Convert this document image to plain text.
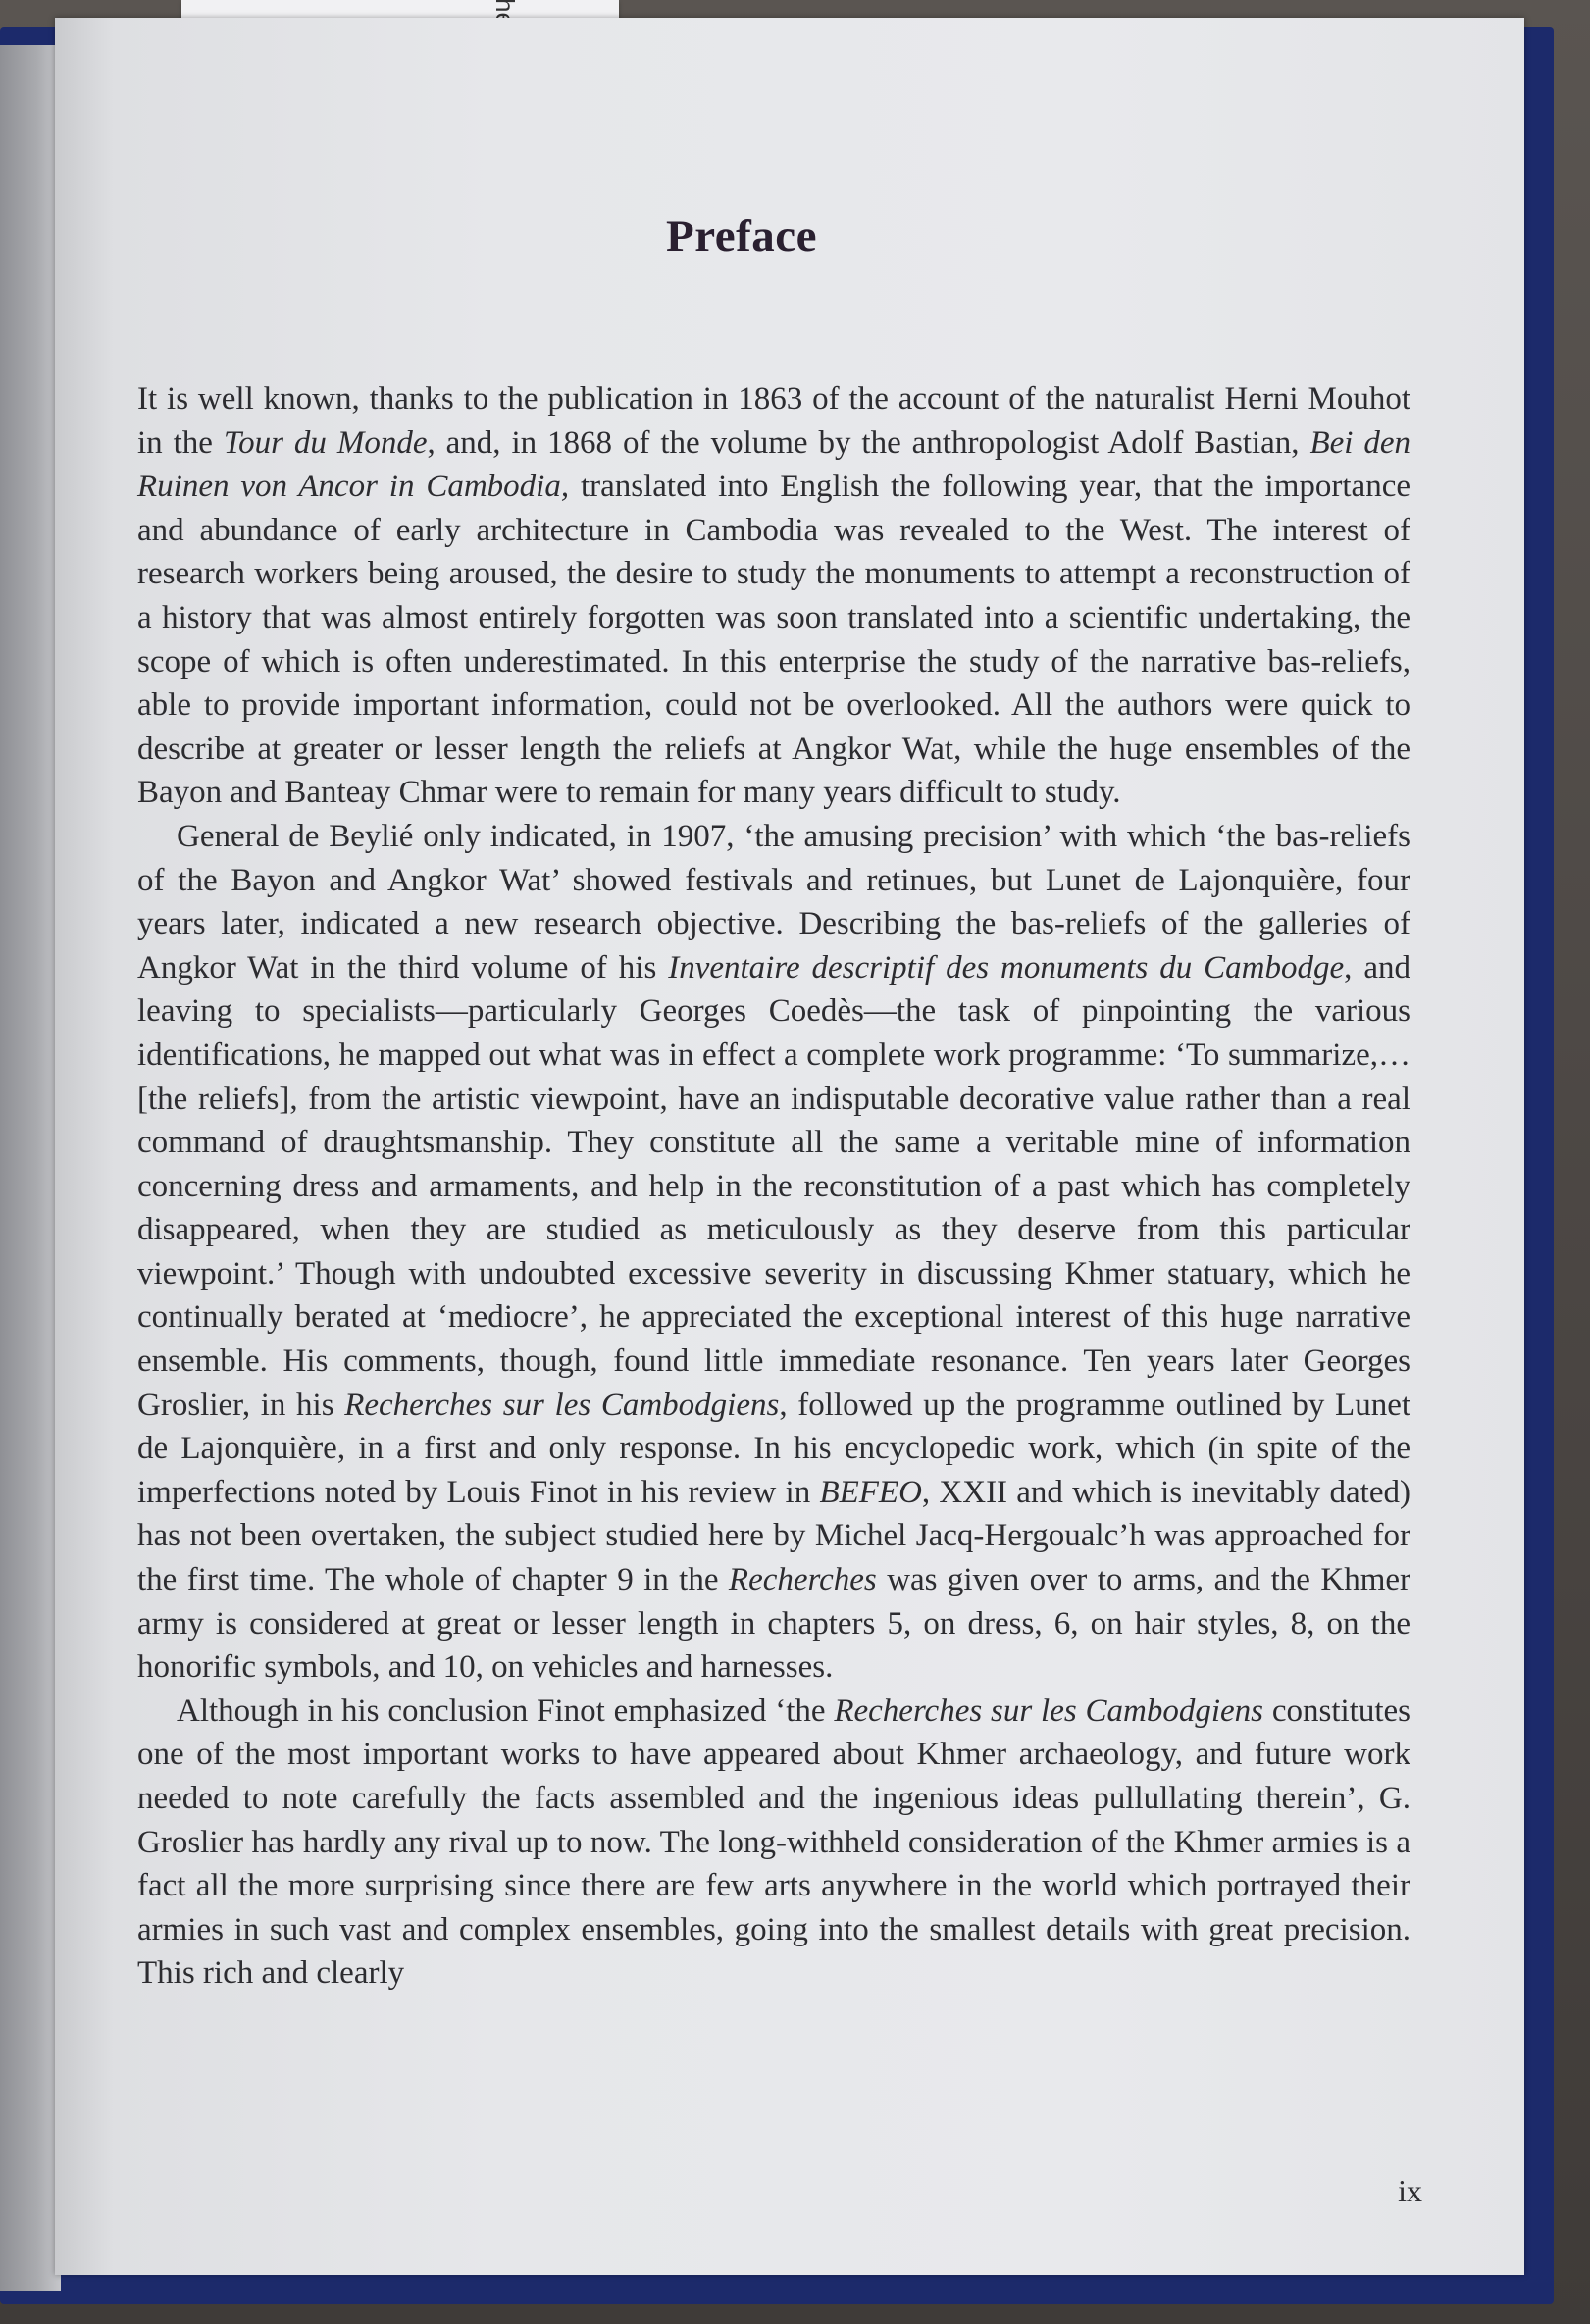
Preface

It is well known, thanks to the publication in 1863 of the account of the naturalist Herni Mouhot in the Tour du Monde, and, in 1868 of the volume by the anthropologist Adolf Bastian, Bei den Ruinen von Ancor in Cambodia, translated into English the following year, that the importance and abundance of early architecture in Cambodia was revealed to the West. The interest of research workers being aroused, the desire to study the monuments to attempt a reconstruction of a history that was almost entirely forgotten was soon translated into a scientific undertaking, the scope of which is often underestimated. In this enterprise the study of the narrative bas-reliefs, able to provide important information, could not be overlooked. All the authors were quick to describe at greater or lesser length the reliefs at Angkor Wat, while the huge ensembles of the Bayon and Banteay Chmar were to remain for many years difficult to study.

General de Beylié only indicated, in 1907, ‘the amusing precision’ with which ‘the bas-reliefs of the Bayon and Angkor Wat’ showed festivals and retinues, but Lunet de Lajonquière, four years later, indicated a new research objective. Describing the bas-reliefs of the galleries of Angkor Wat in the third volume of his Inventaire descriptif des monuments du Cambodge, and leaving to specialists—particularly Georges Coedès—the task of pinpointing the various identifications, he mapped out what was in effect a complete work programme: ‘To summarize,…[the reliefs], from the artistic viewpoint, have an indisputable decorative value rather than a real command of draughtsmanship. They constitute all the same a veritable mine of information concerning dress and armaments, and help in the reconstitution of a past which has completely disappeared, when they are studied as meticulously as they deserve from this particular viewpoint.’ Though with undoubted excessive severity in discussing Khmer statuary, which he continually berated at ‘mediocre’, he appreciated the exceptional interest of this huge narrative ensemble. His comments, though, found little immediate resonance. Ten years later Georges Groslier, in his Recherches sur les Cambodgiens, followed up the programme outlined by Lunet de Lajonquière, in a first and only response. In his encyclopedic work, which (in spite of the imperfections noted by Louis Finot in his review in BEFEO, XXII and which is inevitably dated) has not been overtaken, the subject studied here by Michel Jacq-Hergoualc’h was approached for the first time. The whole of chapter 9 in the Recherches was given over to arms, and the Khmer army is considered at great or lesser length in chapters 5, on dress, 6, on hair styles, 8, on the honorific symbols, and 10, on vehicles and harnesses.

Although in his conclusion Finot emphasized ‘the Recherches sur les Cambodgiens constitutes one of the most important works to have appeared about Khmer archaeology, and future work needed to note carefully the facts assembled and the ingenious ideas pullullating therein’, G. Groslier has hardly any rival up to now. The long-withheld consideration of the Khmer armies is a fact all the more surprising since there are few arts anywhere in the world which portrayed their armies in such vast and complex ensembles, going into the smallest details with great precision. This rich and clearly

ix
